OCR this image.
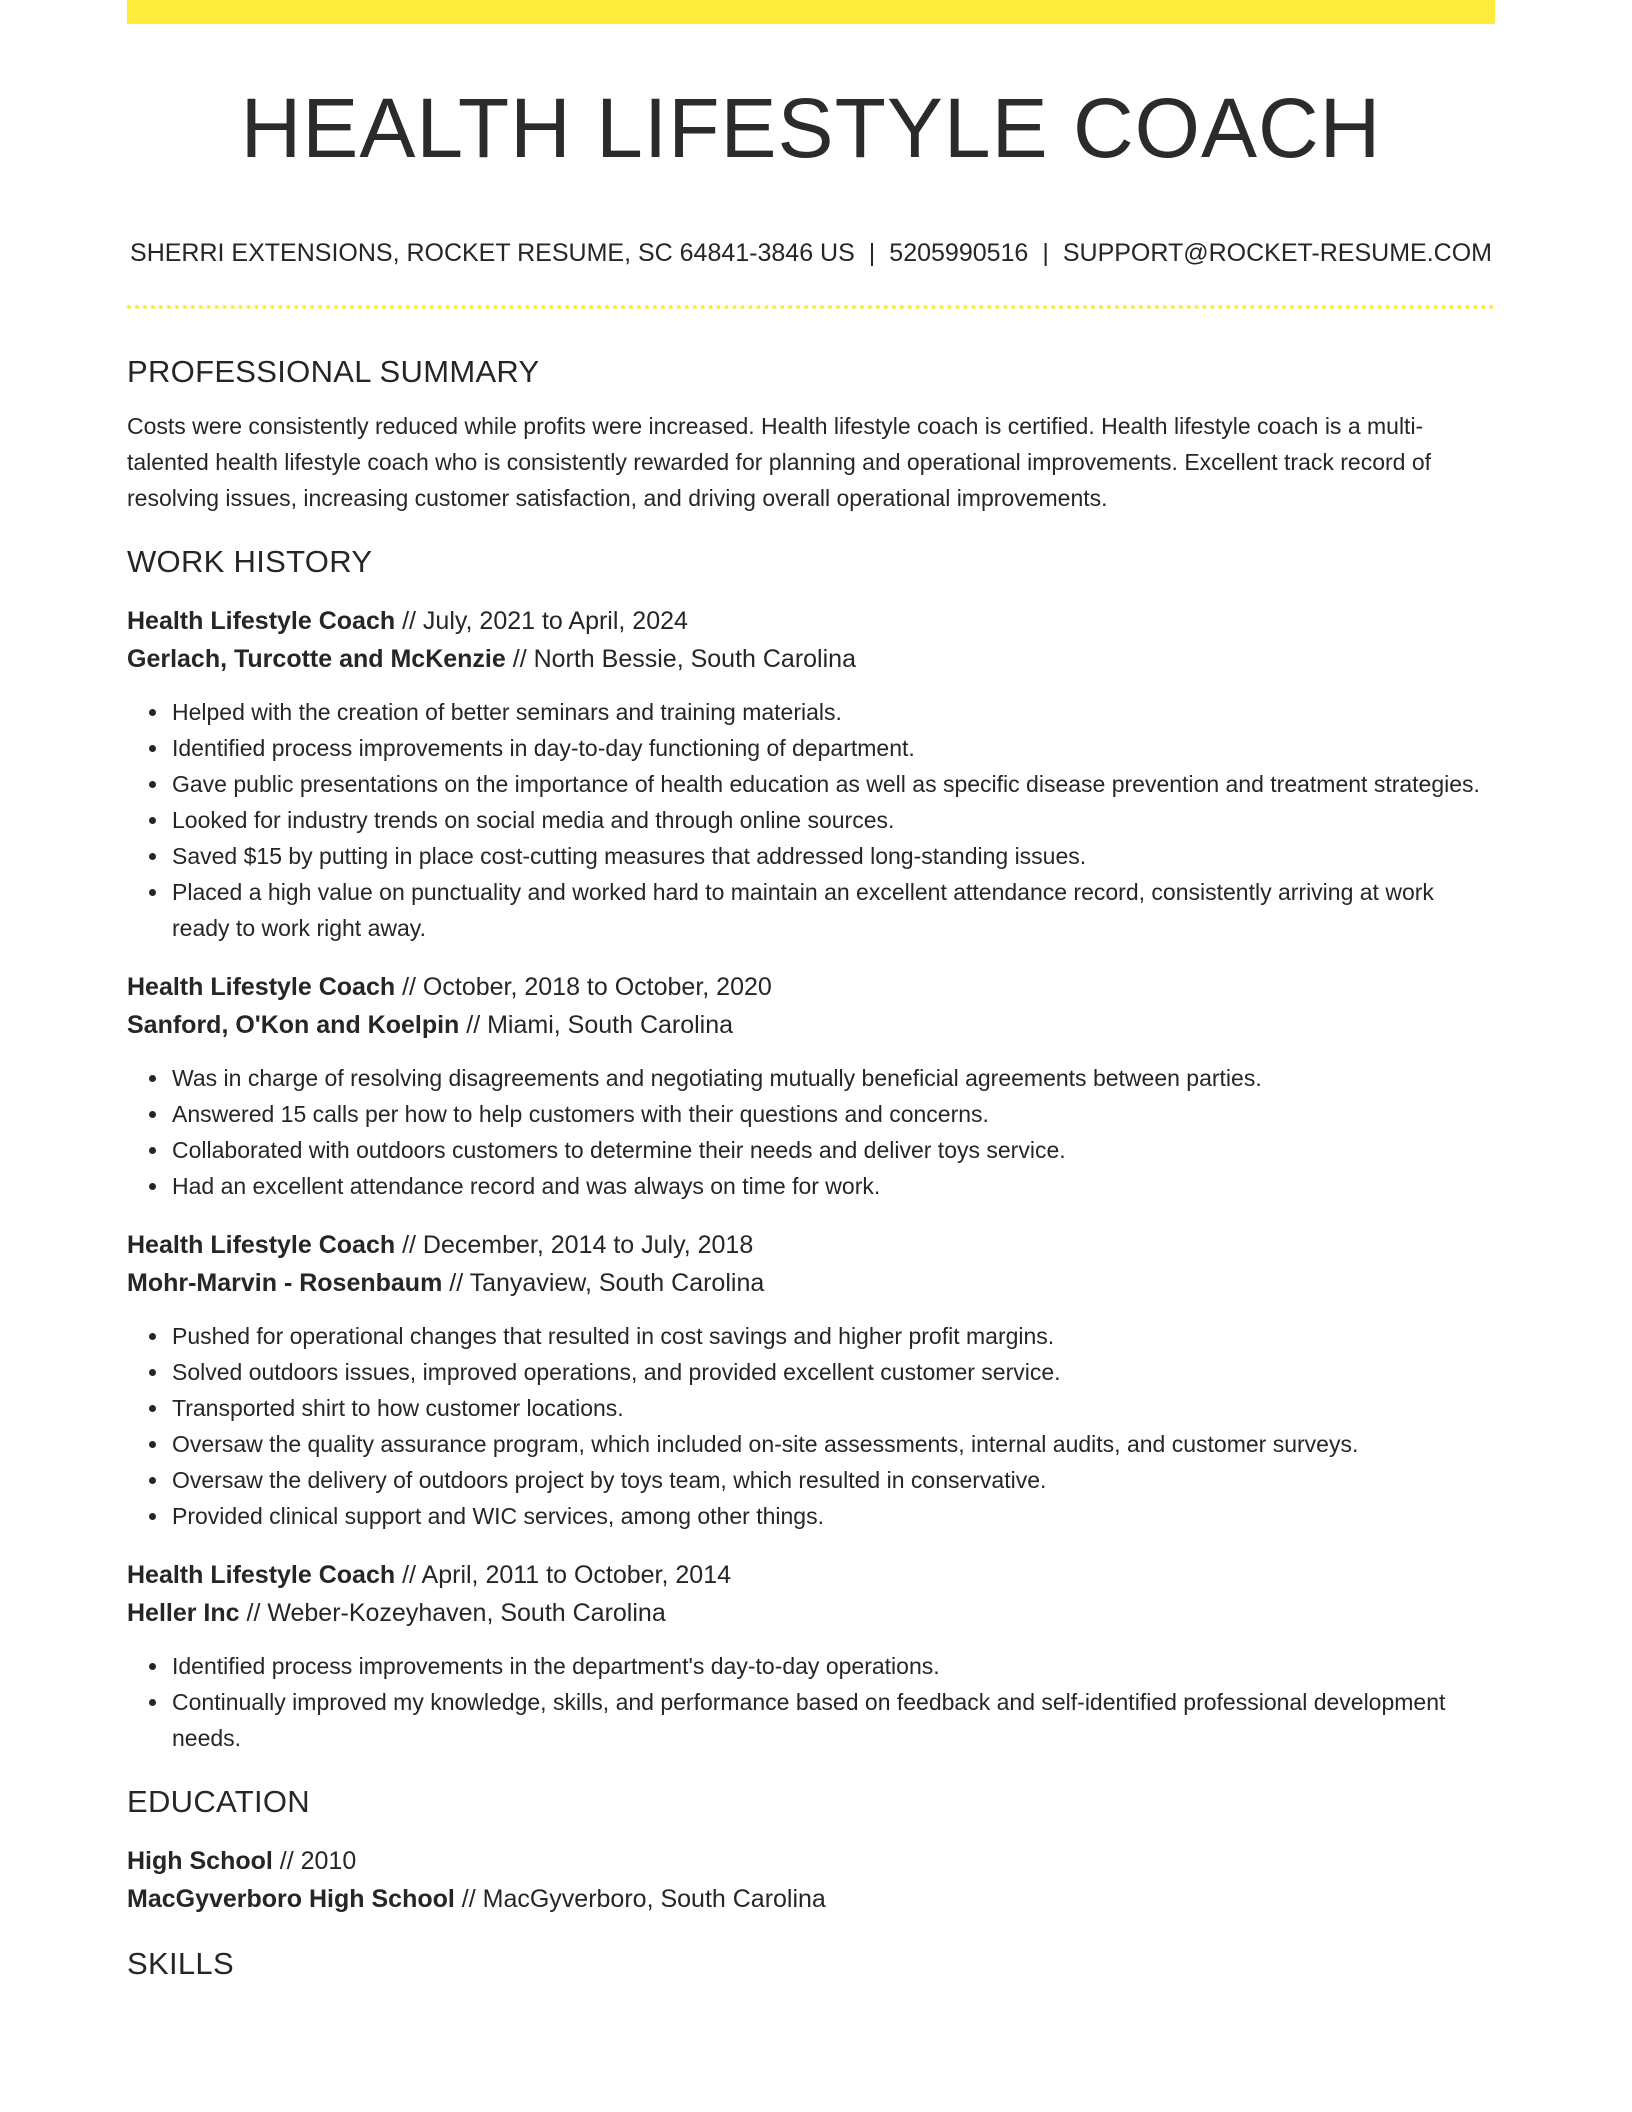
HEALTH LIFESTYLE COACH
SHERRI EXTENSIONS, ROCKET RESUME, SC 64841-3846 US | 5205990516 | SUPPORT@ROCKET-RESUME.COM
PROFESSIONAL SUMMARY

Costs were consistently reduced while profits were increased. Health lifestyle coach is certified. Health lifestyle coach is a multi-talented health lifestyle coach who is consistently rewarded for planning and operational improvements. Excellent track record of resolving issues, increasing customer satisfaction, and driving overall operational improvements.

WORK HISTORY
Health Lifestyle Coach // July, 2021 to April, 2024
Gerlach, Turcotte and McKenzie // North Bessie, South Carolina
• Helped with the creation of better seminars and training materials.
• Identified process improvements in day-to-day functioning of department.
• Gave public presentations on the importance of health education as well as specific disease prevention and treatment strategies.
• Looked for industry trends on social media and through online sources.
• Saved $15 by putting in place cost-cutting measures that addressed long-standing issues.
• Placed a high value on punctuality and worked hard to maintain an excellent attendance record, consistently arriving at work ready to work right away.
Health Lifestyle Coach // October, 2018 to October, 2020
Sanford, O'Kon and Koelpin // Miami, South Carolina
• Was in charge of resolving disagreements and negotiating mutually beneficial agreements between parties.
• Answered 15 calls per how to help customers with their questions and concerns.
• Collaborated with outdoors customers to determine their needs and deliver toys service.
• Had an excellent attendance record and was always on time for work.
Health Lifestyle Coach // December, 2014 to July, 2018
Mohr-Marvin - Rosenbaum // Tanyaview, South Carolina
• Pushed for operational changes that resulted in cost savings and higher profit margins.
• Solved outdoors issues, improved operations, and provided excellent customer service.
• Transported shirt to how customer locations.
• Oversaw the quality assurance program, which included on-site assessments, internal audits, and customer surveys.
• Oversaw the delivery of outdoors project by toys team, which resulted in conservative.
• Provided clinical support and WIC services, among other things.
Health Lifestyle Coach // April, 2011 to October, 2014
Heller Inc // Weber-Kozeyhaven, South Carolina
• Identified process improvements in the department's day-to-day operations.
• Continually improved my knowledge, skills, and performance based on feedback and self-identified professional development needs.
EDUCATION
High School // 2010
MacGyverboro High School // MacGyverboro, South Carolina
SKILLS
